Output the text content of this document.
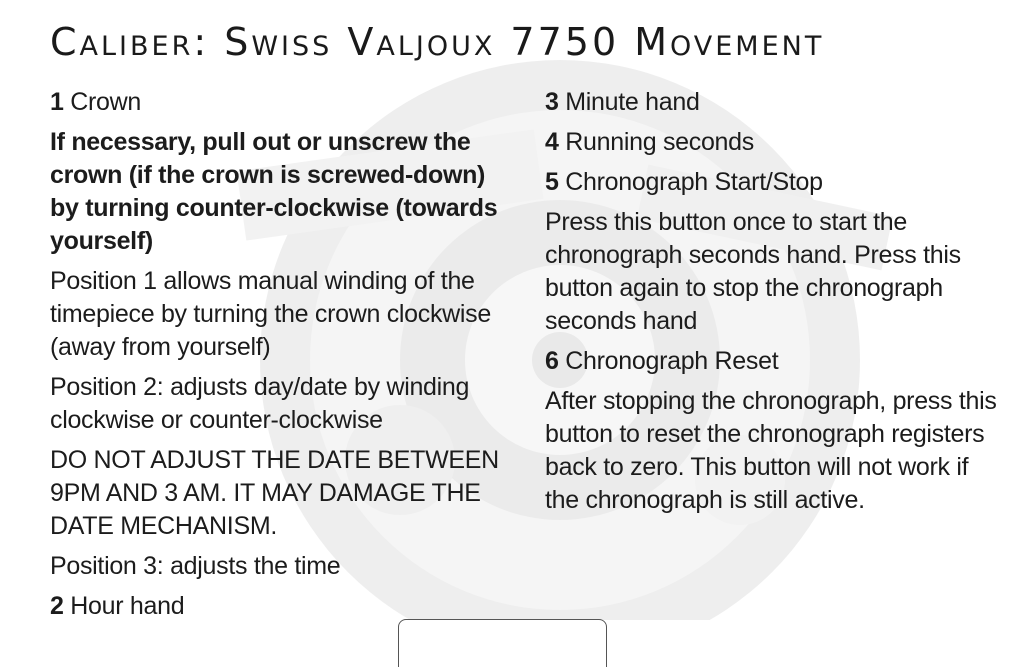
Caliber: Swiss Valjoux 7750 Movement

1 Crown

If necessary, pull out or unscrew the crown (if the crown is screwed-down) by turning counter-clockwise (towards yourself)

Position 1 allows manual winding of the timepiece by turning the crown clockwise (away from yourself)

Position 2: adjusts day/date by winding clockwise or counter-clockwise

DO NOT ADJUST THE DATE BETWEEN 9PM AND 3 AM. IT MAY DAMAGE THE DATE MECHANISM.

Position 3: adjusts the time

2 Hour hand

3 Minute hand

4 Running seconds

5 Chronograph Start/Stop

Press this button once to start the chronograph seconds hand. Press this button again to stop the chronograph seconds hand

6 Chronograph Reset

After stopping the chronograph, press this button to reset the chronograph registers back to zero. This button will not work if the chronograph is still active.
